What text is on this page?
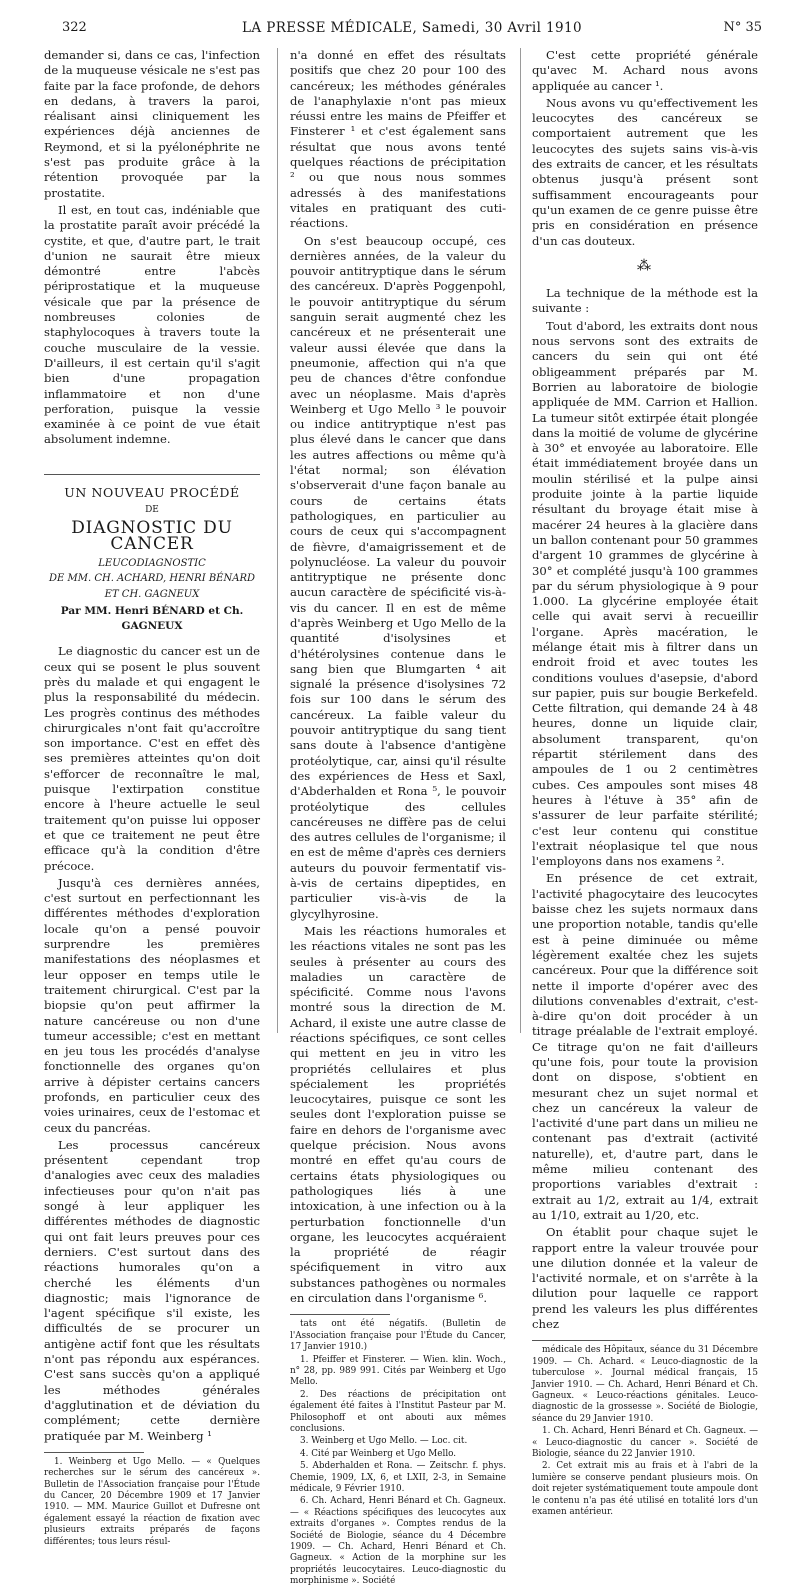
322	LA PRESSE MÉDICALE, Samedi, 30 Avril 1910	N° 35

demander si, dans ce cas, l'infection de la muqueuse vésicale ne s'est pas faite par la face profonde, de dehors en dedans, à travers la paroi, réalisant ainsi cliniquement les expériences déjà anciennes de Reymond, et si la pyélonéphrite ne s'est pas produite grâce à la rétention provoquée par la prostatite.

Il est, en tout cas, indéniable que la prostatite paraît avoir précédé la cystite, et que, d'autre part, le trait d'union ne saurait être mieux démontré entre l'abcès périprostatique et la muqueuse vésicale que par la présence de nombreuses colonies de staphylocoques à travers toute la couche musculaire de la vessie. D'ailleurs, il est certain qu'il s'agit bien d'une propagation inflammatoire et non d'une perforation, puisque la vessie examinée à ce point de vue était absolument indemne.

UN NOUVEAU PROCÉDÉ
DE
DIAGNOSTIC DU CANCER
LEUCODIAGNOSTIC
DE MM. CH. ACHARD, HENRI BÉNARD
ET CH. GAGNEUX
Par MM. Henri BÉNARD et Ch. GAGNEUX

Le diagnostic du cancer est un de ceux qui se posent le plus souvent près du malade et qui engagent le plus la responsabilité du médecin. Les progrès continus des méthodes chirurgicales n'ont fait qu'accroître son importance. C'est en effet dès ses premières atteintes qu'on doit s'efforcer de reconnaître le mal, puisque l'extirpation constitue encore à l'heure actuelle le seul traitement qu'on puisse lui opposer et que ce traitement ne peut être efficace qu'à la condition d'être précoce.

Jusqu'à ces dernières années, c'est surtout en perfectionnant les différentes méthodes d'exploration locale qu'on a pensé pouvoir surprendre les premières manifestations des néoplasmes et leur opposer en temps utile le traitement chirurgical. C'est par la biopsie qu'on peut affirmer la nature cancéreuse ou non d'une tumeur accessible; c'est en mettant en jeu tous les procédés d'analyse fonctionnelle des organes qu'on arrive à dépister certains cancers profonds, en particulier ceux des voies urinaires, ceux de l'estomac et ceux du pancréas.

Les processus cancéreux présentent cependant trop d'analogies avec ceux des maladies infectieuses pour qu'on n'ait pas songé à leur appliquer les différentes méthodes de diagnostic qui ont fait leurs preuves pour ces derniers. C'est surtout dans des réactions humorales qu'on a cherché les éléments d'un diagnostic; mais l'ignorance de l'agent spécifique s'il existe, les difficultés de se procurer un antigène actif font que les résultats n'ont pas répondu aux espérances. C'est sans succès qu'on a appliqué les méthodes générales d'agglutination et de déviation du complément; cette dernière pratiquée par M. Weinberg ¹

1. Weinberg et Ugo Mello. — « Quelques recherches sur le sérum des cancéreux ». Bulletin de l'Association française pour l'Étude du Cancer, 20 Décembre 1909 et 17 Janvier 1910. — MM. Maurice Guillot et Dufresne ont également essayé la réaction de fixation avec plusieurs extraits préparés de façons différentes; tous leurs résul-

n'a donné en effet des résultats positifs que chez 20 pour 100 des cancéreux; les méthodes générales de l'anaphylaxie n'ont pas mieux réussi entre les mains de Pfeiffer et Finsterer ¹ et c'est également sans résultat que nous avons tenté quelques réactions de précipitation ² ou que nous nous sommes adressés à des manifestations vitales en pratiquant des cuti-réactions.

On s'est beaucoup occupé, ces dernières années, de la valeur du pouvoir antitryptique dans le sérum des cancéreux. D'après Poggenpohl, le pouvoir antitryptique du sérum sanguin serait augmenté chez les cancéreux et ne présenterait une valeur aussi élevée que dans la pneumonie, affection qui n'a que peu de chances d'être confondue avec un néoplasme. Mais d'après Weinberg et Ugo Mello ³ le pouvoir ou indice antitryptique n'est pas plus élevé dans le cancer que dans les autres affections ou même qu'à l'état normal; son élévation s'observerait d'une façon banale au cours de certains états pathologiques, en particulier au cours de ceux qui s'accompagnent de fièvre, d'amaigrissement et de polynucléose. La valeur du pouvoir antitryptique ne présente donc aucun caractère de spécificité vis-à-vis du cancer. Il en est de même d'après Weinberg et Ugo Mello de la quantité d'isolysines et d'hétérolysines contenue dans le sang bien que Blumgarten ⁴ ait signalé la présence d'isolysines 72 fois sur 100 dans le sérum des cancéreux. La faible valeur du pouvoir antitryptique du sang tient sans doute à l'absence d'antigène protéolytique, car, ainsi qu'il résulte des expériences de Hess et Saxl, d'Abderhalden et Rona ⁵, le pouvoir protéolytique des cellules cancéreuses ne diffère pas de celui des autres cellules de l'organisme; il en est de même d'après ces derniers auteurs du pouvoir fermentatif vis-à-vis de certains dipeptides, en particulier vis-à-vis de la glycylhyrosine.

Mais les réactions humorales et les réactions vitales ne sont pas les seules à présenter au cours des maladies un caractère de spécificité. Comme nous l'avons montré sous la direction de M. Achard, il existe une autre classe de réactions spécifiques, ce sont celles qui mettent en jeu in vitro les propriétés cellulaires et plus spécialement les propriétés leucocytaires, puisque ce sont les seules dont l'exploration puisse se faire en dehors de l'organisme avec quelque précision. Nous avons montré en effet qu'au cours de certains états physiologiques ou pathologiques liés à une intoxication, à une infection ou à la perturbation fonctionnelle d'un organe, les leucocytes acquéraient la propriété de réagir spécifiquement in vitro aux substances pathogènes ou normales en circulation dans l'organisme ⁶.

tats ont été négatifs. (Bulletin de l'Association française pour l'Étude du Cancer, 17 Janvier 1910.)

1. Pfeiffer et Finsterer. — Wien. klin. Woch., n° 28, pp. 989 991. Cités par Weinberg et Ugo Mello.

2. Des réactions de précipitation ont également été faites à l'Institut Pasteur par M. Philosophoff et ont abouti aux mêmes conclusions.

3. Weinberg et Ugo Mello. — Loc. cit.

4. Cité par Weinberg et Ugo Mello.

5. Abderhalden et Rona. — Zeitschr. f. phys. Chemie, 1909, LX, 6, et LXII, 2-3, in Semaine médicale, 9 Février 1910.

6. Ch. Achard, Henri Bénard et Ch. Gagneux. — « Réactions spécifiques des leucocytes aux extraits d'organes ». Comptes rendus de la Société de Biologie, séance du 4 Décembre 1909. — Ch. Achard, Henri Bénard et Ch. Gagneux. « Action de la morphine sur les propriétés leucocytaires. Leuco-diagnostic du morphinisme ». Société

C'est cette propriété générale qu'avec M. Achard nous avons appliquée au cancer ¹.

Nous avons vu qu'effectivement les leucocytes des cancéreux se comportaient autrement que les leucocytes des sujets sains vis-à-vis des extraits de cancer, et les résultats obtenus jusqu'à présent sont suffisamment encourageants pour qu'un examen de ce genre puisse être pris en considération en présence d'un cas douteux.

⁂

La technique de la méthode est la suivante :

Tout d'abord, les extraits dont nous nous servons sont des extraits de cancers du sein qui ont été obligeamment préparés par M. Borrien au laboratoire de biologie appliquée de MM. Carrion et Hallion. La tumeur sitôt extirpée était plongée dans la moitié de volume de glycérine à 30° et envoyée au laboratoire. Elle était immédiatement broyée dans un moulin stérilisé et la pulpe ainsi produite jointe à la partie liquide résultant du broyage était mise à macérer 24 heures à la glacière dans un ballon contenant pour 50 grammes d'argent 10 grammes de glycérine à 30° et complété jusqu'à 100 grammes par du sérum physiologique à 9 pour 1.000. La glycérine employée était celle qui avait servi à recueillir l'organe. Après macération, le mélange était mis à filtrer dans un endroit froid et avec toutes les conditions voulues d'asepsie, d'abord sur papier, puis sur bougie Berkefeld. Cette filtration, qui demande 24 à 48 heures, donne un liquide clair, absolument transparent, qu'on répartit stérilement dans des ampoules de 1 ou 2 centimètres cubes. Ces ampoules sont mises 48 heures à l'étuve à 35° afin de s'assurer de leur parfaite stérilité; c'est leur contenu qui constitue l'extrait néoplasique tel que nous l'employons dans nos examens ².

En présence de cet extrait, l'activité phagocytaire des leucocytes baisse chez les sujets normaux dans une proportion notable, tandis qu'elle est à peine diminuée ou même légèrement exaltée chez les sujets cancéreux. Pour que la différence soit nette il importe d'opérer avec des dilutions convenables d'extrait, c'est-à-dire qu'on doit procéder à un titrage préalable de l'extrait employé. Ce titrage qu'on ne fait d'ailleurs qu'une fois, pour toute la provision dont on dispose, s'obtient en mesurant chez un sujet normal et chez un cancéreux la valeur de l'activité d'une part dans un milieu ne contenant pas d'extrait (activité naturelle), et, d'autre part, dans le même milieu contenant des proportions variables d'extrait : extrait au 1/2, extrait au 1/4, extrait au 1/10, extrait au 1/20, etc.

On établit pour chaque sujet le rapport entre la valeur trouvée pour une dilution donnée et la valeur de l'activité normale, et on s'arrête à la dilution pour laquelle ce rapport prend les valeurs les plus différentes chez

médicale des Hôpitaux, séance du 31 Décembre 1909. — Ch. Achard. « Leuco-diagnostic de la tuberculose ». Journal médical français, 15 Janvier 1910. — Ch. Achard, Henri Bénard et Ch. Gagneux. « Leuco-réactions génitales. Leuco-diagnostic de la grossesse ». Société de Biologie, séance du 29 Janvier 1910.

1. Ch. Achard, Henri Bénard et Ch. Gagneux. — « Leuco-diagnostic du cancer ». Société de Biologie, séance du 22 Janvier 1910.

2. Cet extrait mis au frais et à l'abri de la lumière se conserve pendant plusieurs mois. On doit rejeter systématiquement toute ampoule dont le contenu n'a pas été utilisé en totalité lors d'un examen antérieur.
